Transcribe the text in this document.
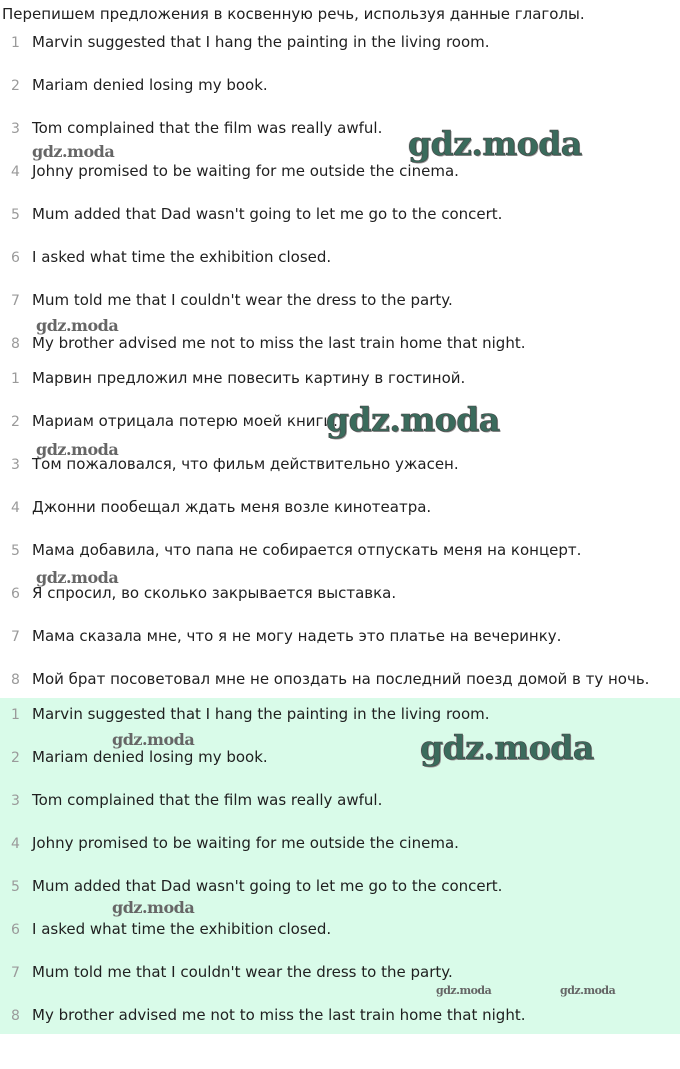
Перепишем предложения в косвенную речь, используя данные глаголы.
1 Marvin suggested that I hang the painting in the living room.
2 Mariam denied losing my book.
3 Tom complained that the film was really awful.
4 Johny promised to be waiting for me outside the cinema.
5 Mum added that Dad wasn't going to let me go to the concert.
6 I asked what time the exhibition closed.
7 Mum told me that I couldn't wear the dress to the party.
8 My brother advised me not to miss the last train home that night.
1 Марвин предложил мне повесить картину в гостиной.
2 Мариам отрицала потерю моей книги.
3 Том пожаловался, что фильм действительно ужасен.
4 Джонни пообещал ждать меня возле кинотеатра.
5 Мама добавила, что папа не собирается отпускать меня на концерт.
6 Я спросил, во сколько закрывается выставка.
7 Мама сказала мне, что я не могу надеть это платье на вечеринку.
8 Мой брат посоветовал мне не опоздать на последний поезд домой в ту ночь.
1 Marvin suggested that I hang the painting in the living room.
2 Mariam denied losing my book.
3 Tom complained that the film was really awful.
4 Johny promised to be waiting for me outside the cinema.
5 Mum added that Dad wasn't going to let me go to the concert.
6 I asked what time the exhibition closed.
7 Mum told me that I couldn't wear the dress to the party.
8 My brother advised me not to miss the last train home that night.
gdz.moda	gdz.moda
gdz.moda
gdz.moda
gdz.moda
gdz.moda
gdz.moda	gdz.moda
gdz.moda
gdz.moda	gdz.moda
